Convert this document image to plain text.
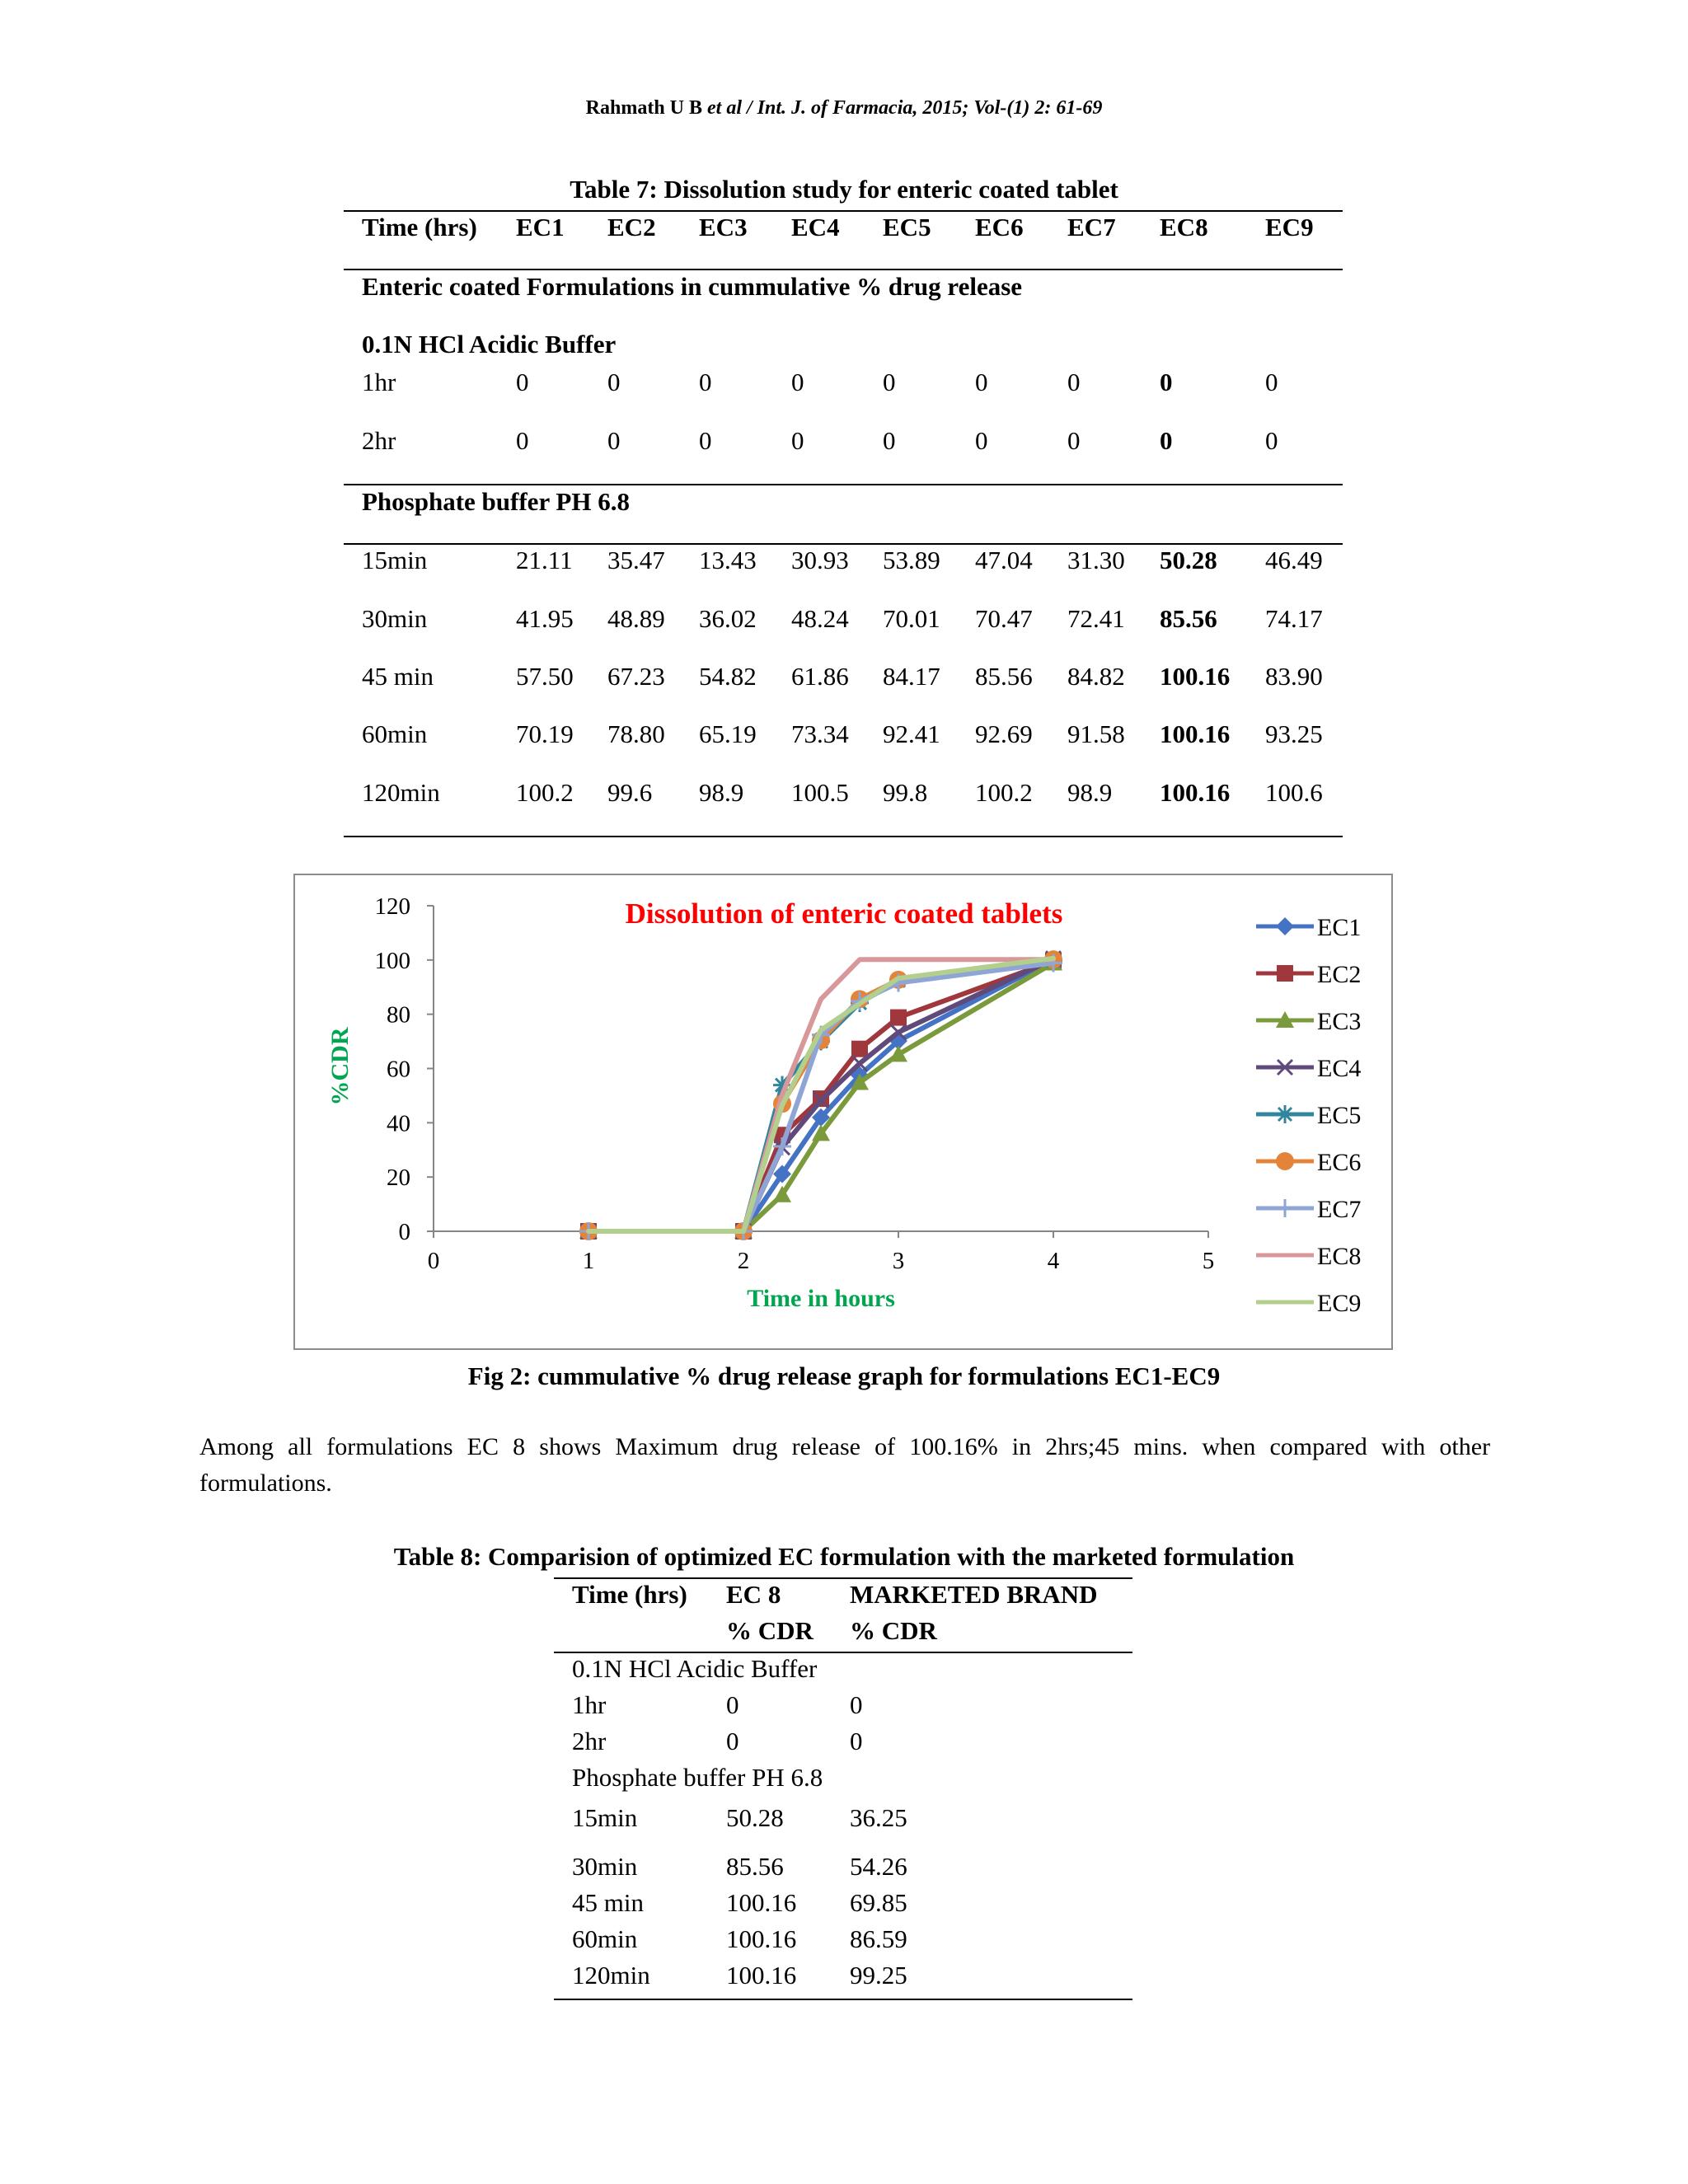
Rahmath U B et al / Int. J. of Farmacia, 2015; Vol-(1) 2: 61-69
Table 7: Dissolution study for enteric coated tablet
Time (hrs) EC1 EC2 EC3 EC4 EC5 EC6 EC7 EC8 EC9
Enteric coated Formulations in cummulative % drug release
0.1N HCl Acidic Buffer
1hr	0	0	0	0	0	0	0	0	0
2hr	0	0	0	0	0	0	0	0	0
Phosphate buffer PH 6.8
15min	21.11 35.47 13.43 30.93 53.89 47.04 31.30 50.28 46.49
30min	41.95 48.89 36.02 48.24 70.01 70.47 72.41 85.56 74.17
45 min	57.50 67.23 54.82 61.86 84.17 85.56 84.82 100.16 83.90
60min	70.19 78.80 65.19 73.34 92.41 92.69 91.58 100.16 93.25
120min	100.2 99.6 98.9 100.5 99.8 100.2 98.9 100.16 100.6
0
20
40
60
80
100
120
0	1	2	3	4	5
Dissolution of enteric coated tablets
Time in hours
%CDR
EC1
EC2
EC3
EC4
EC5
EC6
EC7
EC8
EC9
Fig 2: cummulative % drug release graph for formulations EC1-EC9
Among all formulations EC 8 shows Maximum drug release of 100.16% in 2hrs;45 mins. when compared with other formulations.
Table 8: Comparision of optimized EC formulation with the marketed formulation
Time (hrs) EC 8	MARKETED BRAND
% CDR % CDR
0.1N HCl Acidic Buffer
1hr	0	0
2hr	0	0
Phosphate buffer PH 6.8
15min	50.28	36.25
30min	85.56	54.26
45 min	100.16 69.85
60min	100.16 86.59
120min	100.16 99.25
